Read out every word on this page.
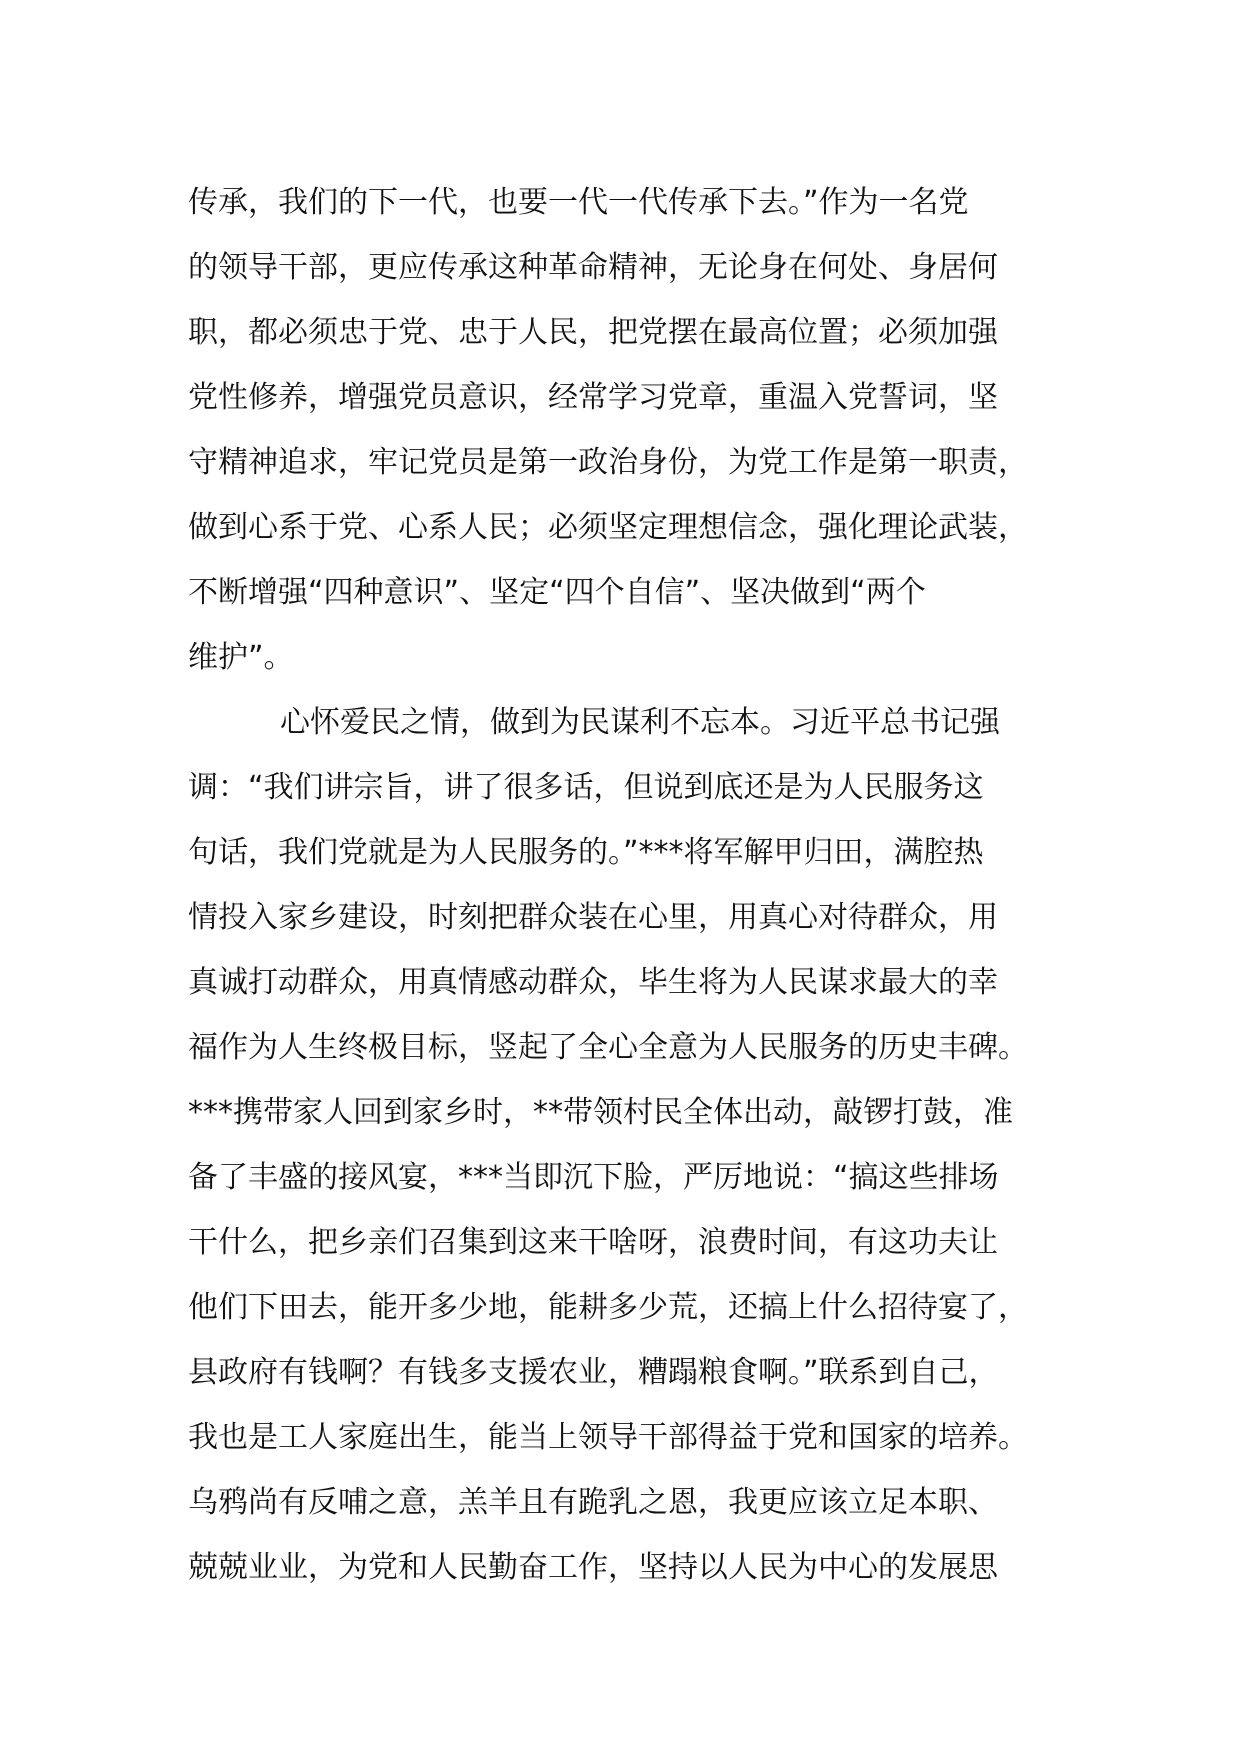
传承，我们的下一代，也要一代一代传承下去。”作为一名党
的领导干部，更应传承这种革命精神，无论身在何处、身居何
职，都必须忠于党、忠于人民，把党摆在最高位置；必须加强
党性修养，增强党员意识，经常学习党章，重温入党誓词，坚
守精神追求，牢记党员是第一政治身份，为党工作是第一职责，
做到心系于党、心系人民；必须坚定理想信念，强化理论武装，
不断增强“四种意识”、坚定“四个自信”、坚决做到“两个
维护”。
心怀爱民之情，做到为民谋利不忘本。习近平总书记强
调：“我们讲宗旨，讲了很多话，但说到底还是为人民服务这
句话，我们党就是为人民服务的。”***将军解甲归田，满腔热
情投入家乡建设，时刻把群众装在心里，用真心对待群众，用
真诚打动群众，用真情感动群众，毕生将为人民谋求最大的幸
福作为人生终极目标，竖起了全心全意为人民服务的历史丰碑。
***携带家人回到家乡时，**带领村民全体出动，敲锣打鼓，准
备了丰盛的接风宴，***当即沉下脸，严厉地说：“搞这些排场
干什么，把乡亲们召集到这来干啥呀，浪费时间，有这功夫让
他们下田去，能开多少地，能耕多少荒，还搞上什么招待宴了，
县政府有钱啊？有钱多支援农业，糟蹋粮食啊。”联系到自己，
我也是工人家庭出生，能当上领导干部得益于党和国家的培养。
乌鸦尚有反哺之意，羔羊且有跪乳之恩，我更应该立足本职、
兢兢业业，为党和人民勤奋工作，坚持以人民为中心的发展思
